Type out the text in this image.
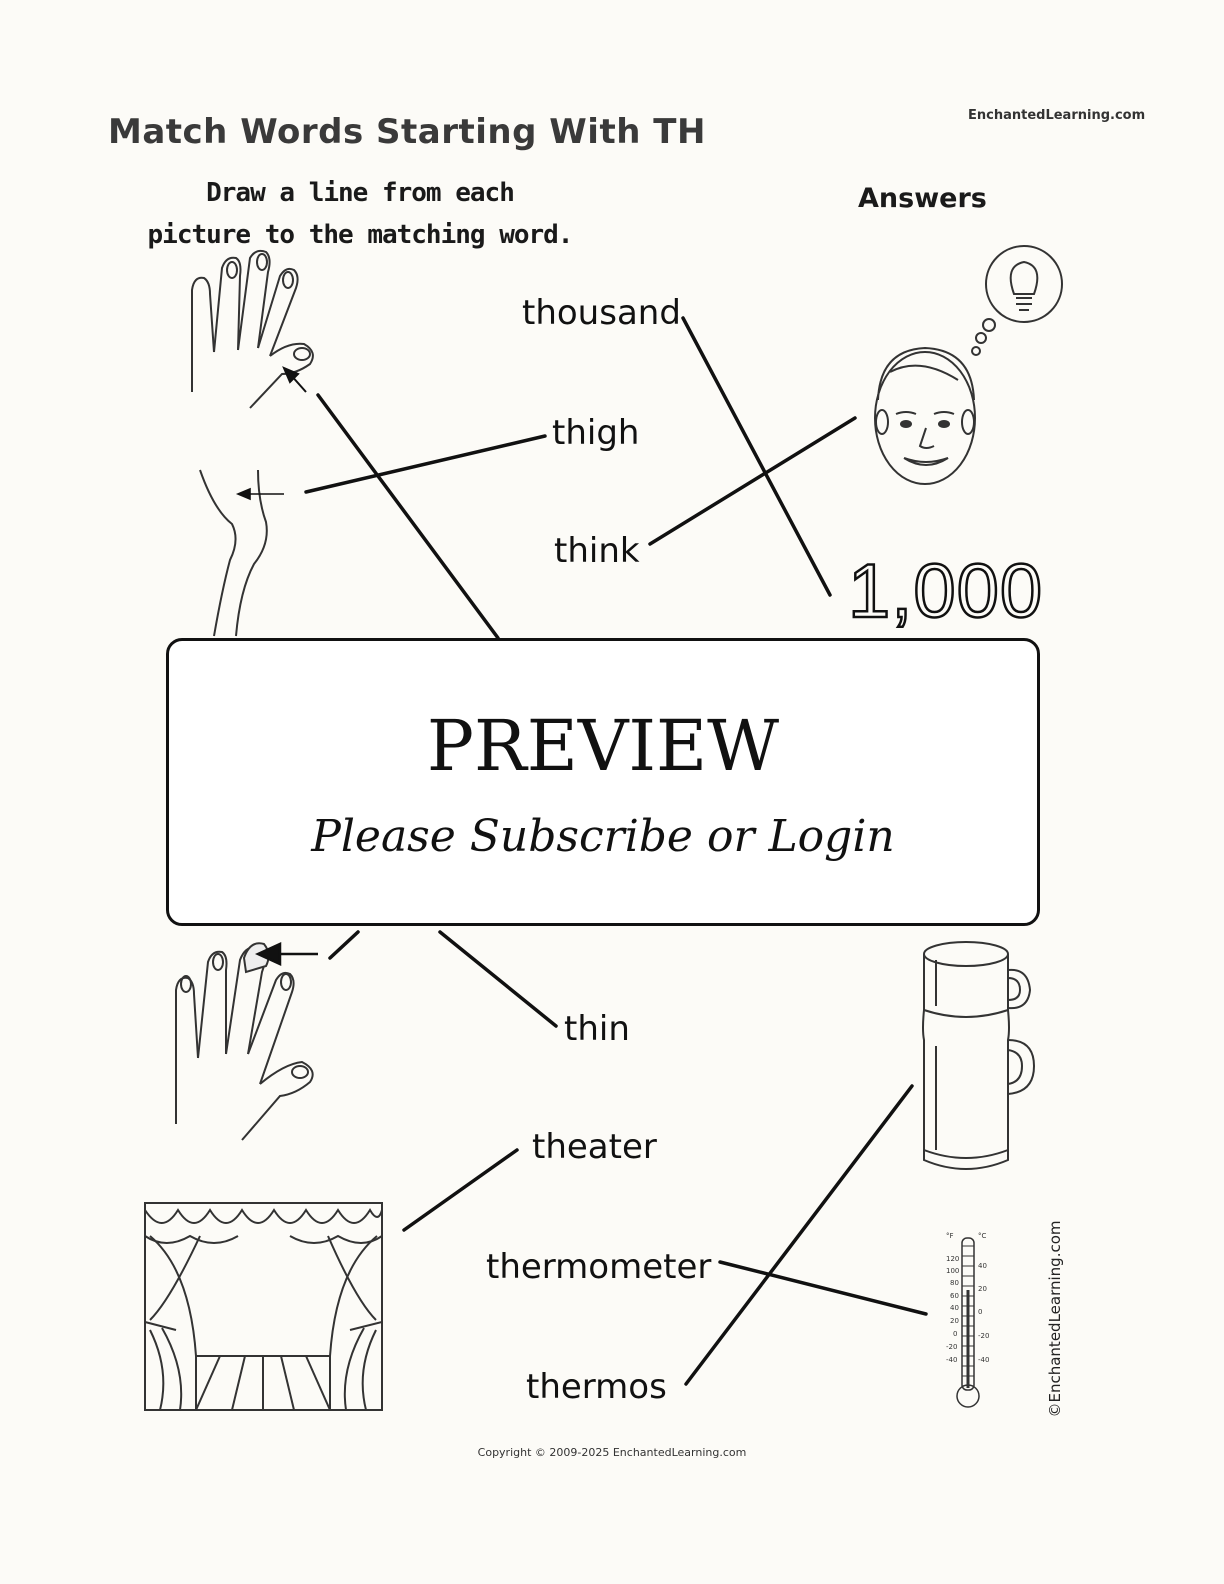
°F	°C
120
100
80
60
40
20
0
-20
-40
40
20
0
-20
-40
Match Words Starting With TH	EnchantedLearning.com
Draw a line from each
picture to the matching word.
Answers
thousand
thigh
think
thin
theater
thermometer
thermos
1,000
PREVIEW
Please Subscribe or Login
©EnchantedLearning.com
Copyright © 2009-2025 EnchantedLearning.com
